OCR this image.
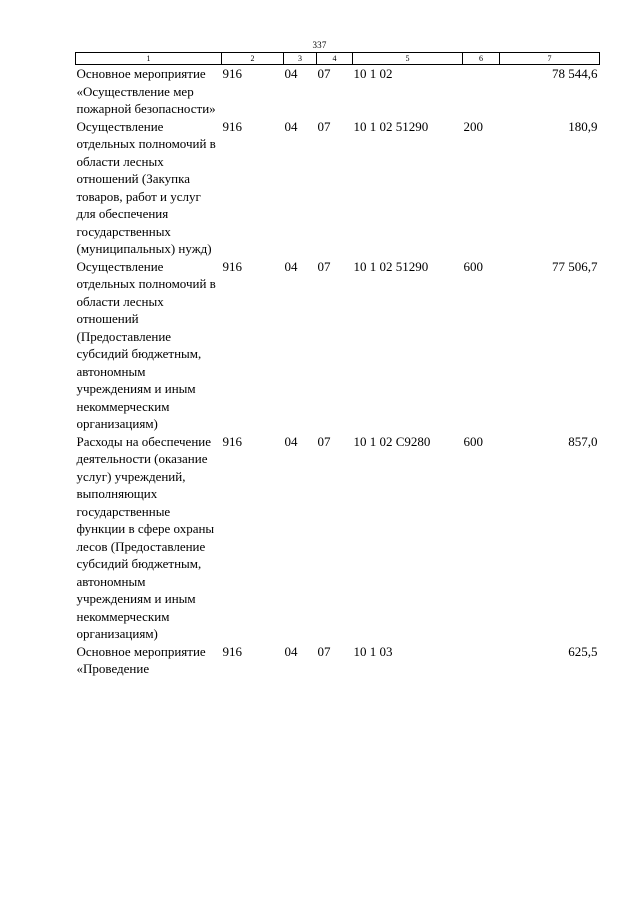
337
1	2	3	4	5	6	7
Основное мероприятие «Осуществление мер пожарной безопасности»	916	04	07	10 1 02		78 544,6
Осуществление отдельных полномочий в области лесных отношений (Закупка товаров, работ и услуг для обеспечения государственных (муниципальных) нужд)	916	04	07	10 1 02 51290	200	180,9
Осуществление отдельных полномочий в области лесных отношений (Предоставление субсидий бюджетным, автономным учреждениям и иным некоммерческим организациям)	916	04	07	10 1 02 51290	600	77 506,7
Расходы на обеспечение деятельности (оказание услуг) учреждений, выполняющих государственные функции в сфере охраны лесов (Предоставление субсидий бюджетным, автономным учреждениям и иным некоммерческим организациям)	916	04	07	10 1 02 С9280	600	857,0
Основное мероприятие «Проведение	916	04	07	10 1 03		625,5
